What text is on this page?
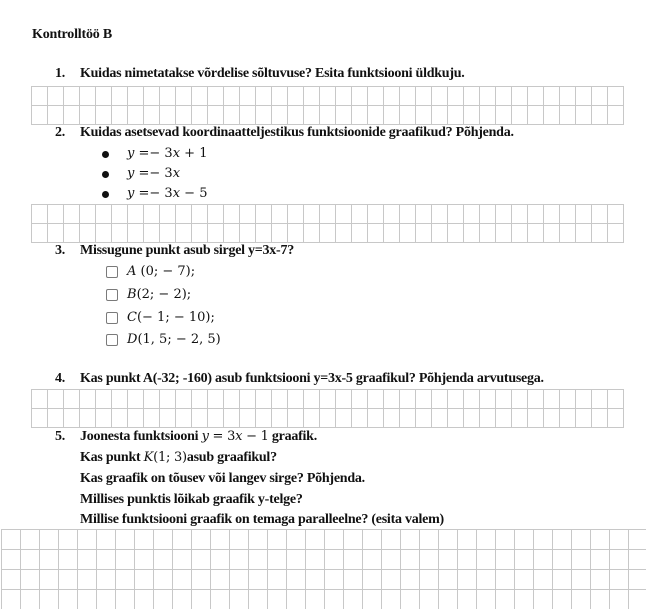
Kontrolltöö B
1. Kuidas nimetatakse võrdelise sõltuvuse? Esita funktsiooni üldkuju.
2. Kuidas asetsevad koordinaatteljestikus funktsioonide graafikud? Põhjenda.
y =− 3x + 1
y =− 3x
y =− 3x − 5
3. Missugune punkt asub sirgel y=3x-7?
A (0; − 7);
B(2; − 2);
C(− 1; − 10);
D(1, 5; − 2, 5)
4. Kas punkt A(-32; -160) asub funktsiooni y=3x-5 graafikul? Põhjenda arvutusega.
5. Joonesta funktsiooni y = 3x − 1 graafik.
Kas punkt K(1; 3)asub graafikul?
Kas graafik on tõusev või langev sirge? Põhjenda.
Millises punktis lõikab graafik y-telge?
Millise funktsiooni graafik on temaga paralleelne? (esita valem)
